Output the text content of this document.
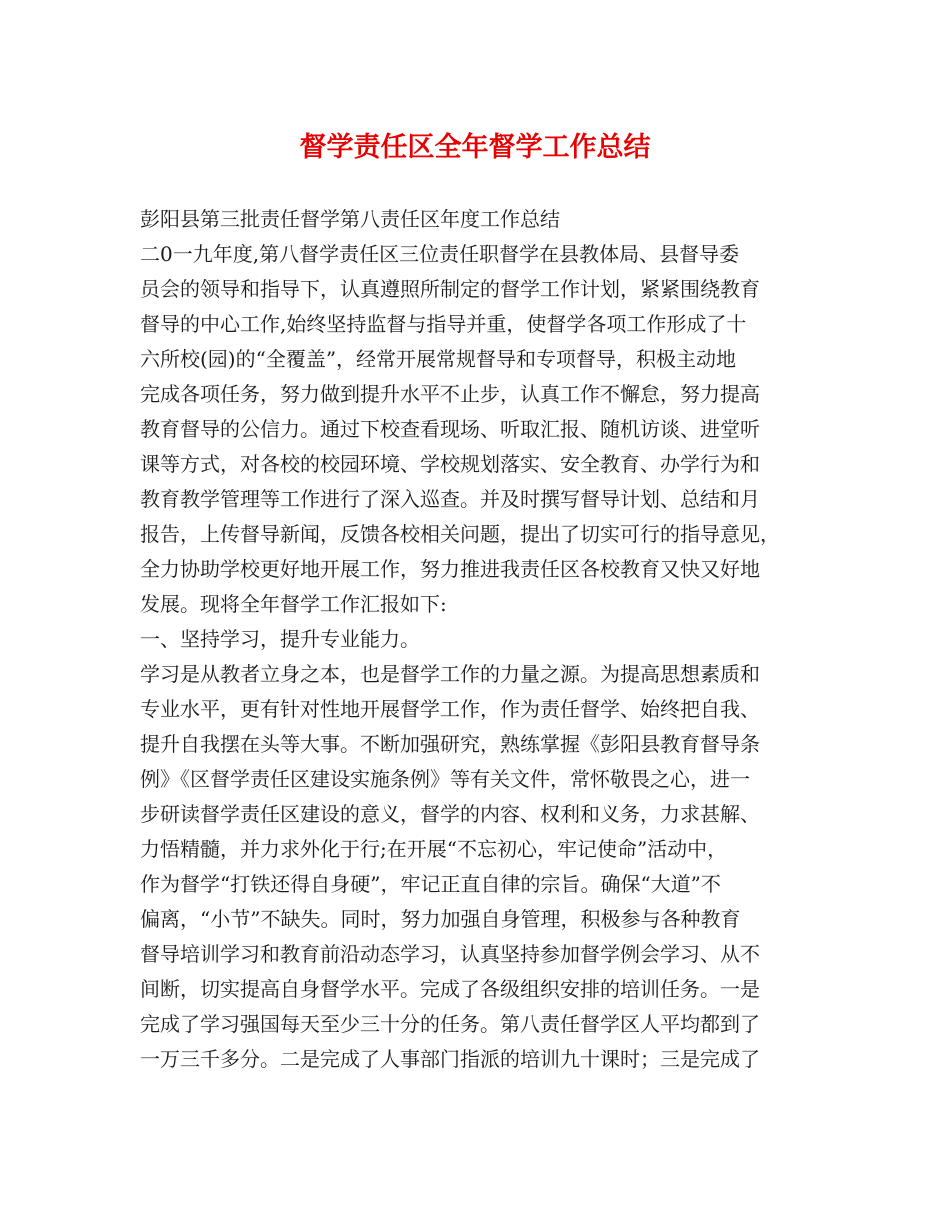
督学责任区全年督学工作总结
彭阳县第三批责任督学第八责任区年度工作总结
二0一九年度,第八督学责任区三位责任职督学在县教体局、县督导委
员会的领导和指导下，认真遵照所制定的督学工作计划，紧紧围绕教育
督导的中心工作,始终坚持监督与指导并重，使督学各项工作形成了十
六所校(园)的“全覆盖”，经常开展常规督导和专项督导，积极主动地
完成各项任务，努力做到提升水平不止步，认真工作不懈怠，努力提高
教育督导的公信力。通过下校查看现场、听取汇报、随机访谈、进堂听
课等方式，对各校的校园环境、学校规划落实、安全教育、办学行为和
教育教学管理等工作进行了深入巡查。并及时撰写督导计划、总结和月
报告，上传督导新闻，反馈各校相关问题，提出了切实可行的指导意见，
全力协助学校更好地开展工作，努力推进我责任区各校教育又快又好地
发展。现将全年督学工作汇报如下:
一、坚持学习，提升专业能力。
学习是从教者立身之本，也是督学工作的力量之源。为提高思想素质和
专业水平，更有针对性地开展督学工作，作为责任督学、始终把自我、
提升自我摆在头等大事。不断加强研究，熟练掌握《彭阳县教育督导条
例》《区督学责任区建设实施条例》等有关文件，常怀敬畏之心，进一
步研读督学责任区建设的意义，督学的内容、权利和义务，力求甚解、
力悟精髓，并力求外化于行;在开展“不忘初心，牢记使命”活动中，
作为督学“打铁还得自身硬”，牢记正直自律的宗旨。确保“大道”不
偏离，“小节”不缺失。同时，努力加强自身管理，积极参与各种教育
督导培训学习和教育前沿动态学习，认真坚持参加督学例会学习、从不
间断，切实提高自身督学水平。完成了各级组织安排的培训任务。一是
完成了学习强国每天至少三十分的任务。第八责任督学区人平均都到了
一万三千多分。二是完成了人事部门指派的培训九十课时；三是完成了
